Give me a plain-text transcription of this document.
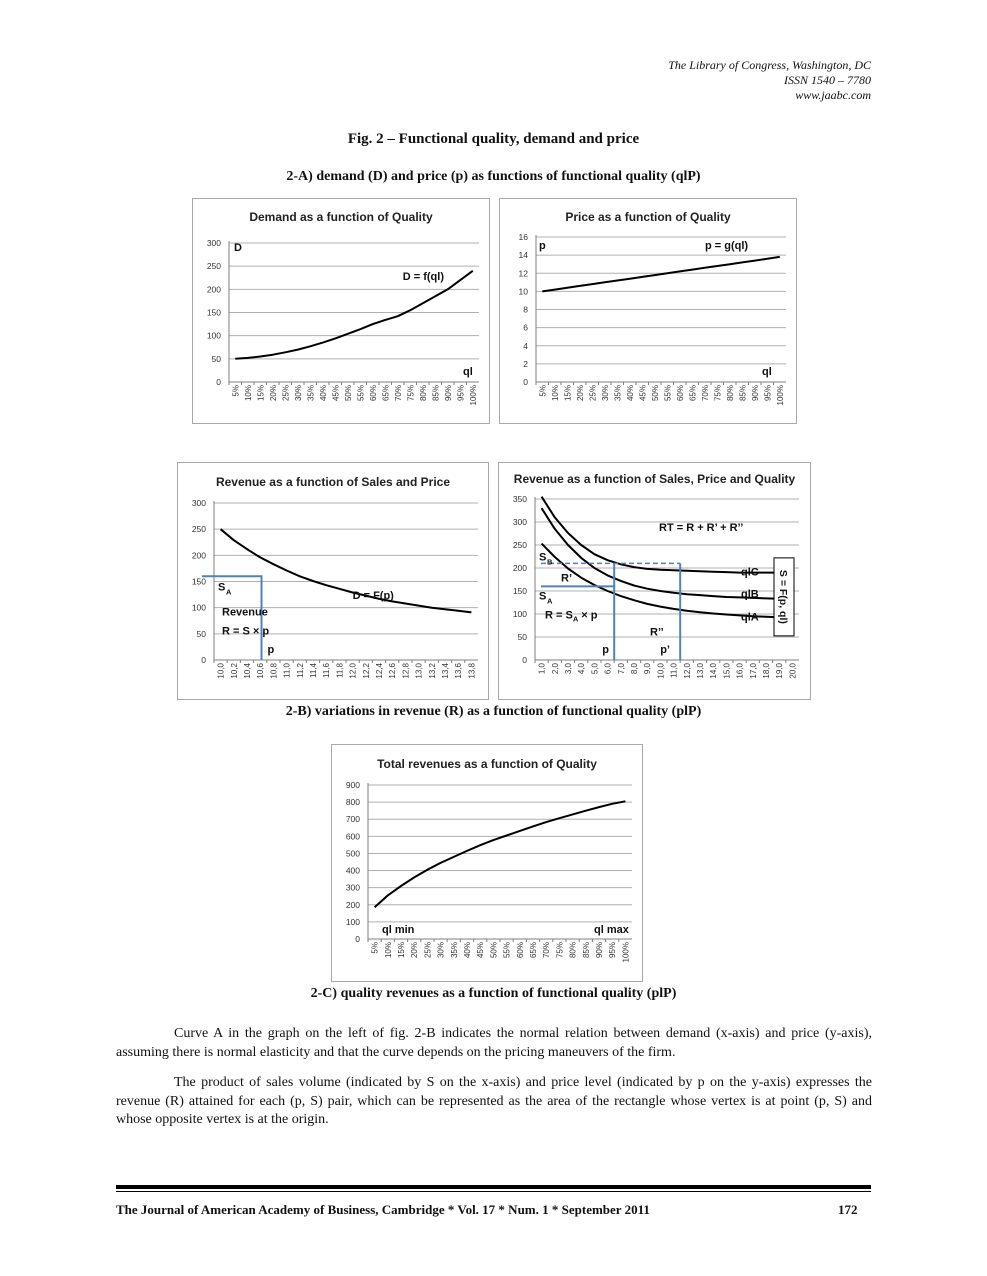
The Library of Congress, Washington, DC
ISSN 1540 – 7780
www.jaabc.com
Fig. 2 – Functional quality, demand and price
2-A) demand (D) and price (p) as functions of functional quality (qlP)
Demand as a function of Quality
0
50
100
150
200
250
300
5% 10% 15% 20% 25% 30% 35% 40% 45% 50% 55% 60% 65% 70% 75% 80% 85% 90% 95% 100%
D
ql
D = f(ql)
Price as a function of Quality
0
2
4
6
8
10
12
14
16
5% 10% 15% 20% 25% 30% 35% 40% 45% 50% 55% 60% 65% 70% 75% 80% 85% 90% 95% 100%
p
ql
p = g(ql)
Revenue as a function of Sales and Price
0
50
100
150
200
250
300
10,0 10,2 10,4 10,6 10,8 11,0 11,2 11,4 11,6 11,8 12,0 12,2 12,4 12,6 12,8 13,0 13,2 13,4 13,6 13,8
S A
p
Revenue
R = S × p
D = F(p)
Revenue as a function of Sales, Price and Quality
0
50
100
150
200
250
300
350
1,0 2,0 3,0 4,0 5,0 6,0 7,0 8,0 9,0 10,0 11,0 12,0 13,0 14,0 15,0 16,0 17,0 18,0 19,0 20,0
S B
S A
R’
$R = S_A \times p$
R’’
p	p’
RT = R + R’ + R’’
qlC
qlB
qlA S = F(p, ql)
2-B) variations in revenue (R) as a function of functional quality (plP)
Total revenues as a function of Quality
0
100
200
300
400
500
600
700
800
900
5% 10% 15% 20% 25% 30% 35% 40% 45% 50% 55% 60% 65% 70% 75% 80% 85% 90% 95% 100%
ql min	ql max
2-C) quality revenues as a function of functional quality (plP)
Curve A in the graph on the left of fig. 2-B indicates the normal relation between demand (x-axis) and price (y-axis), assuming there is normal elasticity and that the curve depends on the pricing maneuvers of the firm.
The product of sales volume (indicated by S on the x-axis) and price level (indicated by p on the y-axis) expresses the revenue (R) attained for each (p, S) pair, which can be represented as the area of the rectangle whose vertex is at point (p, S) and whose opposite vertex is at the origin.
The Journal of American Academy of Business, Cambridge * Vol. 17 * Num. 1 * September 2011	172
